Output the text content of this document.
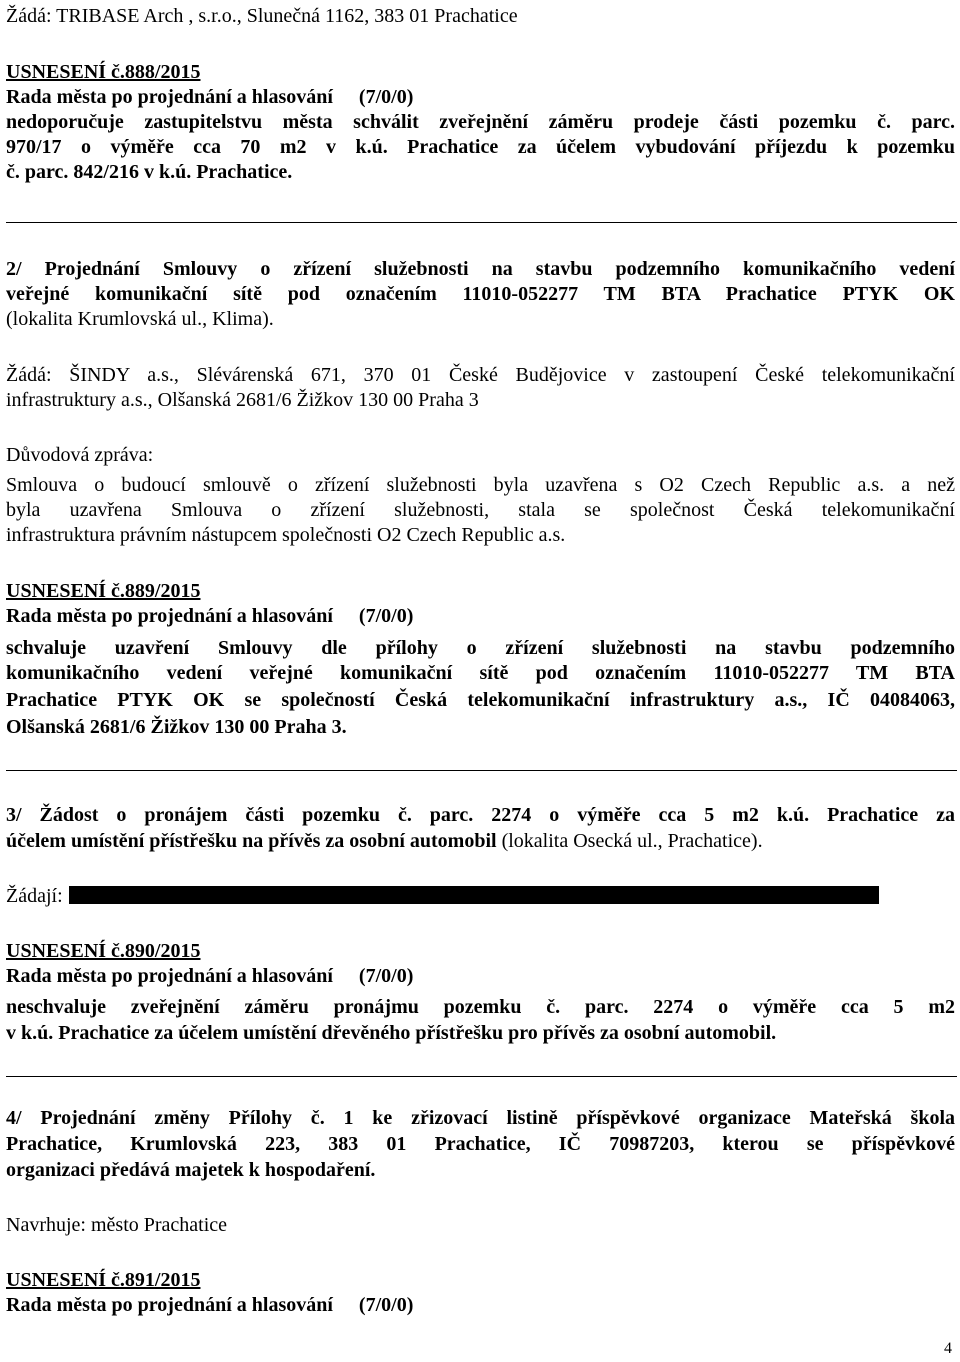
Žádá: TRIBASE Arch , s.r.o., Slunečná 1162, 383 01 Prachatice

USNESENÍ č.888/2015

Rada města po projednání a hlasování (7/0/0)

nedoporučuje zastupitelstvu města schválit zveřejnění záměru prodeje části pozemku č. parc.

970/17 o výměře cca 70 m2 v k.ú. Prachatice za účelem vybudování příjezdu k pozemku

č. parc. 842/216 v k.ú. Prachatice.

2/ Projednání Smlouvy o zřízení služebnosti na stavbu podzemního komunikačního vedení

veřejné komunikační sítě pod označením 11010-052277 TM BTA Prachatice PTYK OK

(lokalita Krumlovská ul., Klima).

Žádá: ŠINDY a.s., Slévárenská 671, 370 01 České Budějovice v zastoupení České telekomunikační

infrastruktury a.s., Olšanská 2681/6 Žižkov 130 00 Praha 3

Důvodová zpráva:

Smlouva o budoucí smlouvě o zřízení služebnosti byla uzavřena s O2 Czech Republic a.s. a než

byla uzavřena Smlouva o zřízení služebnosti, stala se společnost Česká telekomunikační

infrastruktura právním nástupcem společnosti O2 Czech Republic a.s.

USNESENÍ č.889/2015

Rada města po projednání a hlasování (7/0/0)

schvaluje uzavření Smlouvy dle přílohy o zřízení služebnosti na stavbu podzemního

komunikačního vedení veřejné komunikační sítě pod označením 11010-052277 TM BTA

Prachatice PTYK OK se společností Česká telekomunikační infrastruktury a.s., IČ 04084063,

Olšanská 2681/6 Žižkov 130 00 Praha 3.

3/ Žádost o pronájem části pozemku č. parc. 2274 o výměře cca 5 m2 k.ú. Prachatice za

účelem umístění přístřešku na přívěs za osobní automobil (lokalita Osecká ul., Prachatice).

Žádají:

USNESENÍ č.890/2015

Rada města po projednání a hlasování (7/0/0)

neschvaluje zveřejnění záměru pronájmu pozemku č. parc. 2274 o výměře cca 5 m2

v k.ú. Prachatice za účelem umístění dřevěného přístřešku pro přívěs za osobní automobil.

4/ Projednání změny Přílohy č. 1 ke zřizovací listině příspěvkové organizace Mateřská škola

Prachatice, Krumlovská 223, 383 01 Prachatice, IČ 70987203, kterou se příspěvkové

organizaci předává majetek k hospodaření.

Navrhuje: město Prachatice

USNESENÍ č.891/2015

Rada města po projednání a hlasování (7/0/0)

4
